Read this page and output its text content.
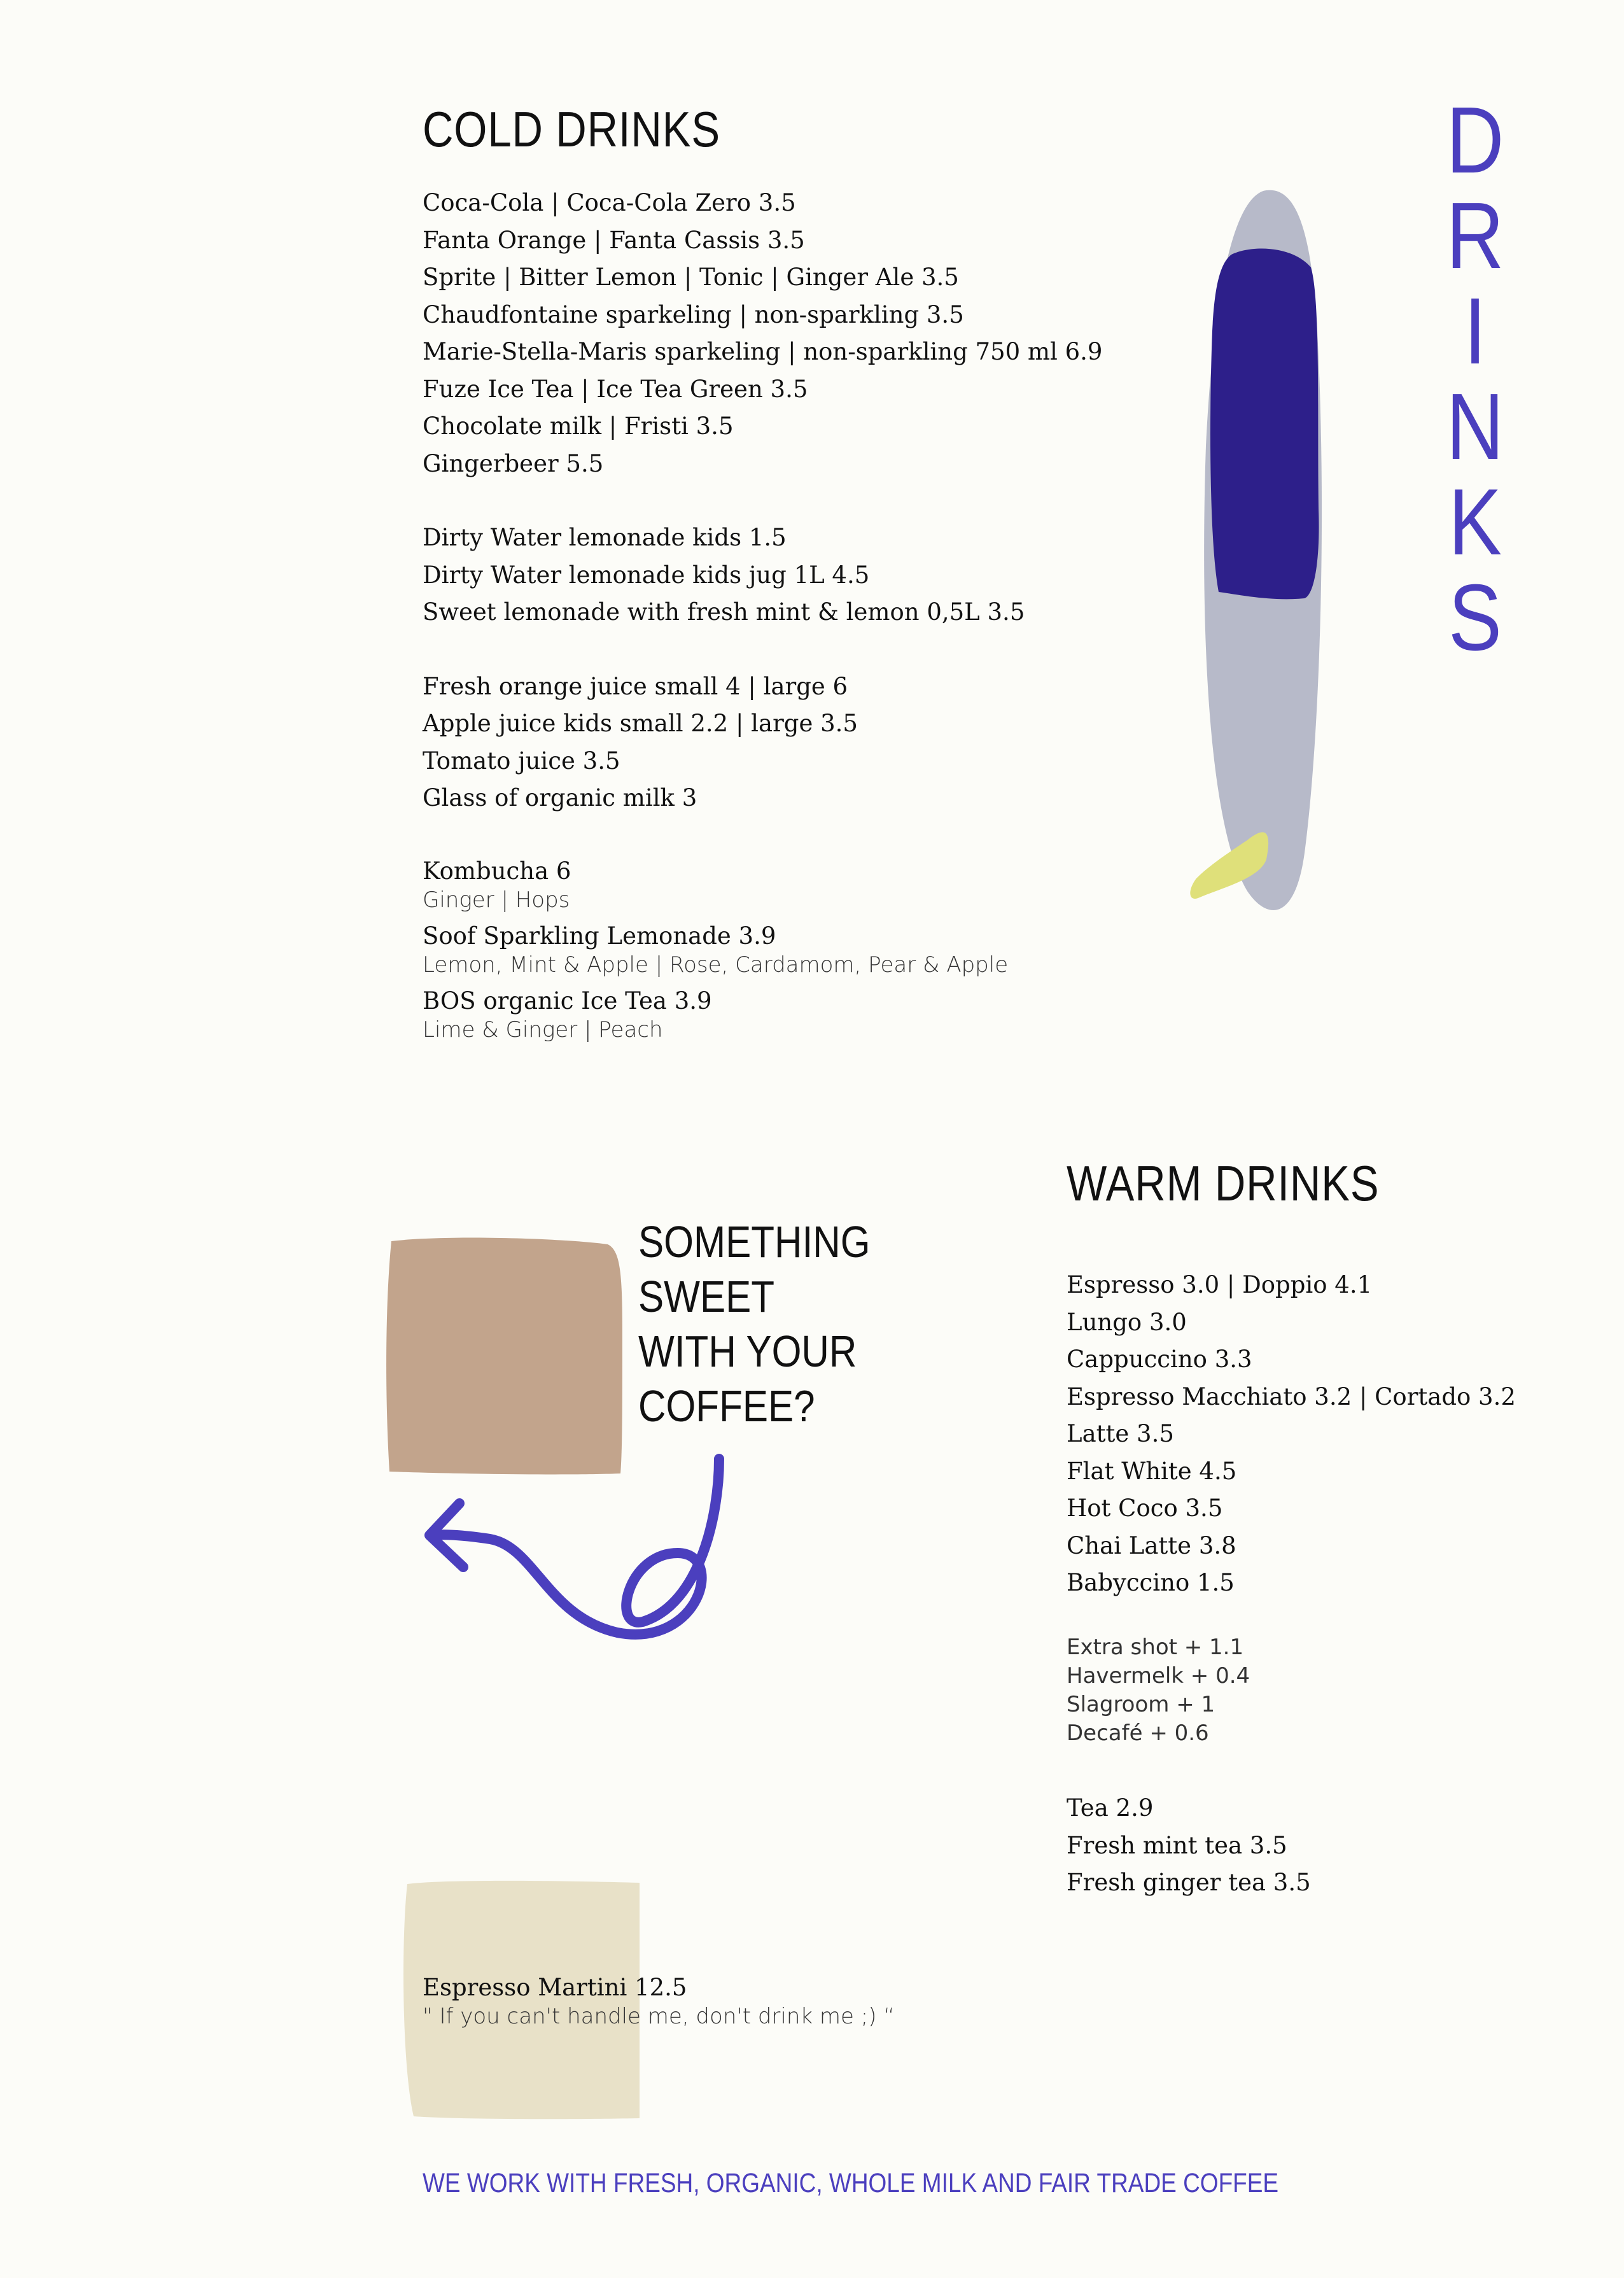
D
R
I
N
K
S
COLD DRINKS
Coca-Cola | Coca-Cola Zero 3.5
Fanta Orange | Fanta Cassis 3.5
Sprite | Bitter Lemon | Tonic | Ginger Ale 3.5
Chaudfontaine sparkeling | non-sparkling 3.5
Marie-Stella-Maris sparkeling | non-sparkling 750 ml 6.9
Fuze Ice Tea | Ice Tea Green 3.5
Chocolate milk | Fristi 3.5
Gingerbeer 5.5
Dirty Water lemonade kids 1.5
Dirty Water lemonade kids jug 1L 4.5
Sweet lemonade with fresh mint & lemon 0,5L 3.5
Fresh orange juice small 4 | large 6
Apple juice kids small 2.2 | large 3.5
Tomato juice 3.5
Glass of organic milk 3
Kombucha 6
Ginger | Hops
Soof Sparkling Lemonade 3.9
Lemon, Mint & Apple | Rose, Cardamom, Pear & Apple
BOS organic Ice Tea 3.9
Lime & Ginger | Peach
WARM DRINKS
Espresso 3.0 | Doppio 4.1
Lungo 3.0
Cappuccino 3.3
Espresso Macchiato 3.2 | Cortado 3.2
Latte 3.5
Flat White 4.5
Hot Coco 3.5
Chai Latte 3.8
Babyccino 1.5
Extra shot + 1.1
Havermelk + 0.4
Slagroom + 1
Decafé + 0.6
Tea 2.9
Fresh mint tea 3.5
Fresh ginger tea 3.5
SOMETHING
SWEET
WITH YOUR
COFFEE?
Espresso Martini 12.5
" If you can't handle me, don't drink me ;) “
WE WORK WITH FRESH, ORGANIC, WHOLE MILK AND FAIR TRADE COFFEE
